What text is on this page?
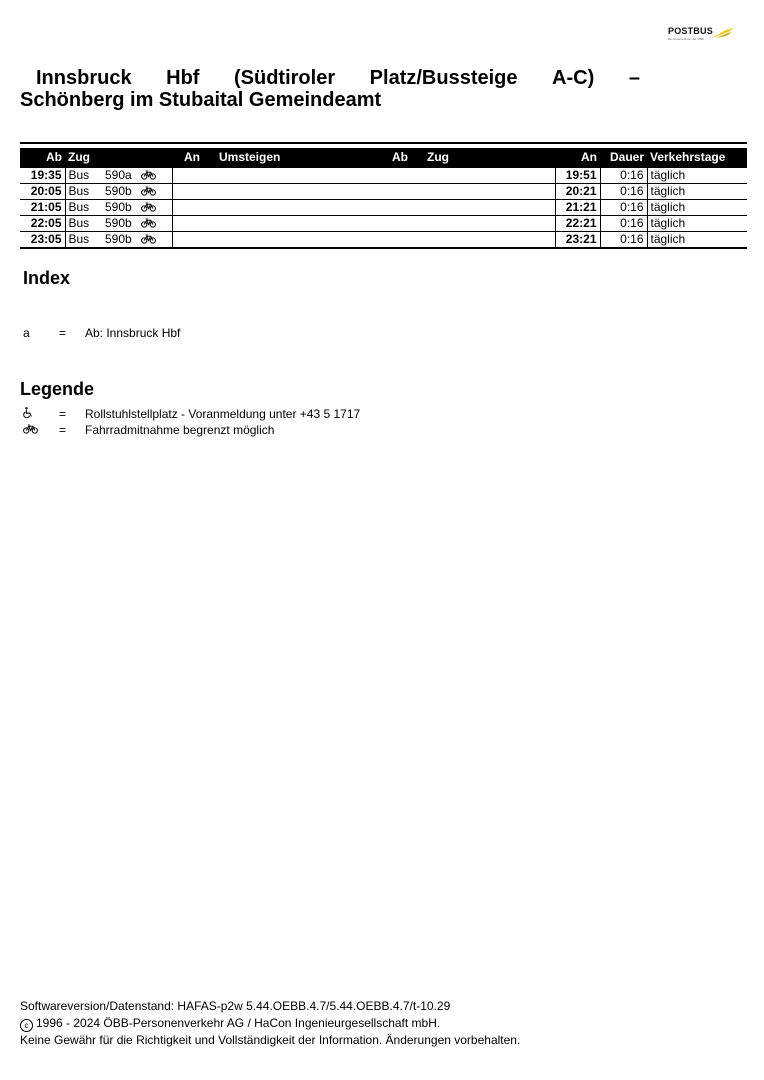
POSTBUS
Ein Unternehmen der ÖBB
Innsbruck Hbf (Südtiroler Platz/Bussteige A-C) –
Schönberg im Stubaital Gemeindeamt
Ab	Zug		An	Umsteigen	Ab	Zug	An	Dauer	Verkehrstage
19:35	Bus	590a					19:51	0:16	täglich
20:05	Bus	590b					20:21	0:16	täglich
21:05	Bus	590b					21:21	0:16	täglich
22:05	Bus	590b					22:21	0:16	täglich
23:05	Bus	590b					23:21	0:16	täglich
Index
a	=	Ab: Innsbruck Hbf
Legende
=	Rollstuhlstellplatz - Voranmeldung unter +43 5 1717
=	Fahrradmitnahme begrenzt möglich
Softwareversion/Datenstand: HAFAS-p2w 5.44.OEBB.4.7/5.44.OEBB.4.7/t-10.29
c 1996 - 2024 ÖBB-Personenverkehr AG / HaCon Ingenieurgesellschaft mbH.
Keine Gewähr für die Richtigkeit und Vollständigkeit der Information. Änderungen vorbehalten.
